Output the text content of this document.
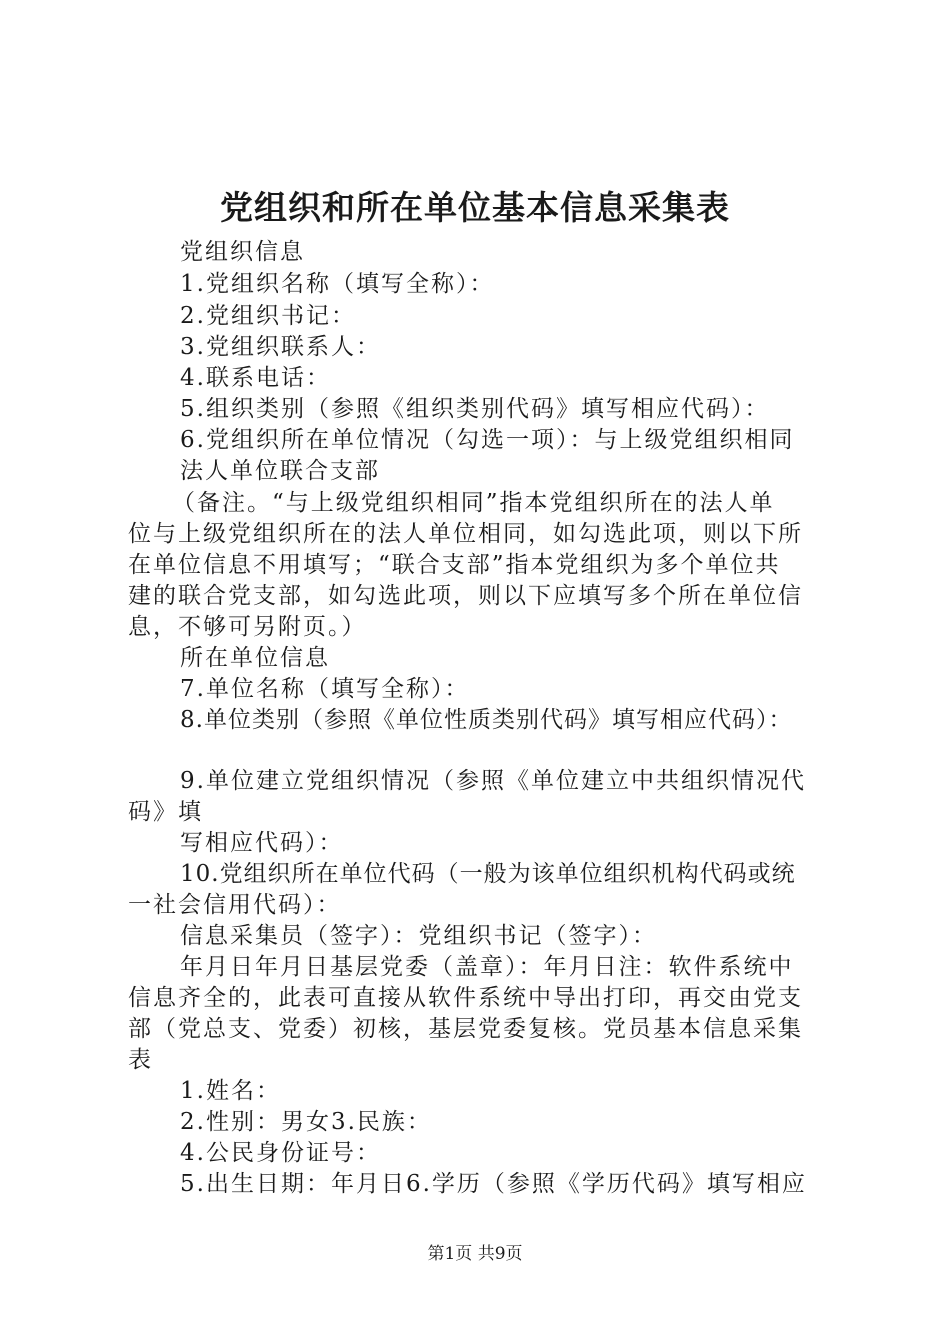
党组织和所在单位基本信息采集表
党组织信息
1.党组织名称（填写全称）：
2.党组织书记：
3.党组织联系人：
4.联系电话：
5.组织类别（参照《组织类别代码》填写相应代码）：
6.党组织所在单位情况（勾选一项）：与上级党组织相同
法人单位联合支部
（备注。“与上级党组织相同”指本党组织所在的法人单
位与上级党组织所在的法人单位相同，如勾选此项，则以下所
在单位信息不用填写；“联合支部”指本党组织为多个单位共
建的联合党支部，如勾选此项，则以下应填写多个所在单位信
息，不够可另附页。）
所在单位信息
7.单位名称（填写全称）：
8.单位类别（参照《单位性质类别代码》填写相应代码）：
9.单位建立党组织情况（参照《单位建立中共组织情况代
码》填
写相应代码）：
10.党组织所在单位代码（一般为该单位组织机构代码或统
一社会信用代码）：
信息采集员（签字）：党组织书记（签字）：
年月日年月日基层党委（盖章）：年月日注：软件系统中
信息齐全的，此表可直接从软件系统中导出打印，再交由党支
部（党总支、党委）初核，基层党委复核。党员基本信息采集
表
1.姓名：
2.性别：男女3.民族：
4.公民身份证号：
5.出生日期：年月日6.学历（参照《学历代码》填写相应
第1页 共9页
